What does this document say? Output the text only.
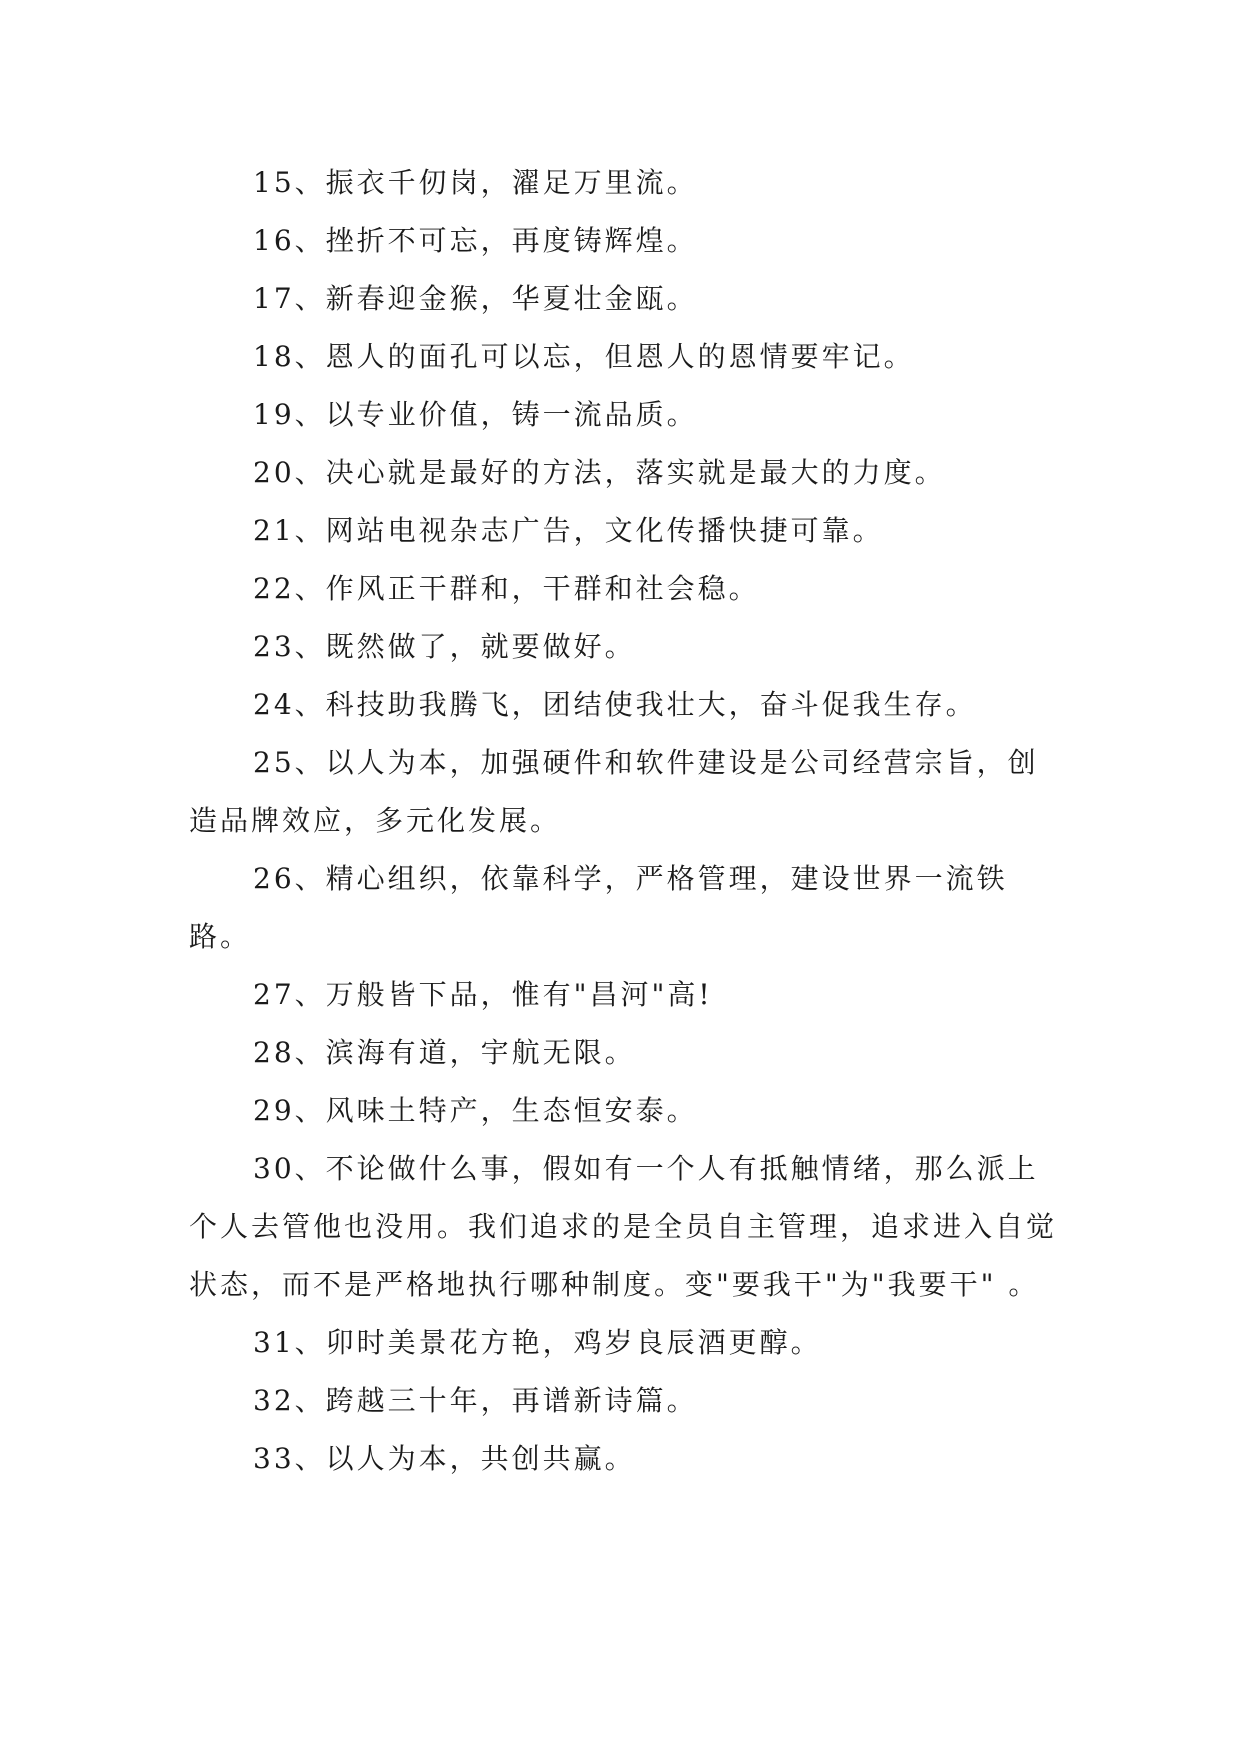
15、振衣千仞岗，濯足万里流。

16、挫折不可忘，再度铸辉煌。

17、新春迎金猴，华夏壮金瓯。

18、恩人的面孔可以忘，但恩人的恩情要牢记。

19、以专业价值，铸一流品质。

20、决心就是最好的方法，落实就是最大的力度。

21、网站电视杂志广告，文化传播快捷可靠。

22、作风正干群和，干群和社会稳。

23、既然做了，就要做好。

24、科技助我腾飞，团结使我壮大，奋斗促我生存。

25、以人为本，加强硬件和软件建设是公司经营宗旨，创造品牌效应，多元化发展。

26、精心组织，依靠科学，严格管理，建设世界一流铁路。

27、万般皆下品，惟有"昌河"高!

28、滨海有道，宇航无限。

29、风味土特产，生态恒安泰。

30、不论做什么事，假如有一个人有抵触情绪，那么派上个人去管他也没用。我们追求的是全员自主管理，追求进入自觉状态，而不是严格地执行哪种制度。变"要我干"为"我要干" 。

31、卯时美景花方艳，鸡岁良辰酒更醇。

32、跨越三十年，再谱新诗篇。

33、以人为本，共创共赢。
